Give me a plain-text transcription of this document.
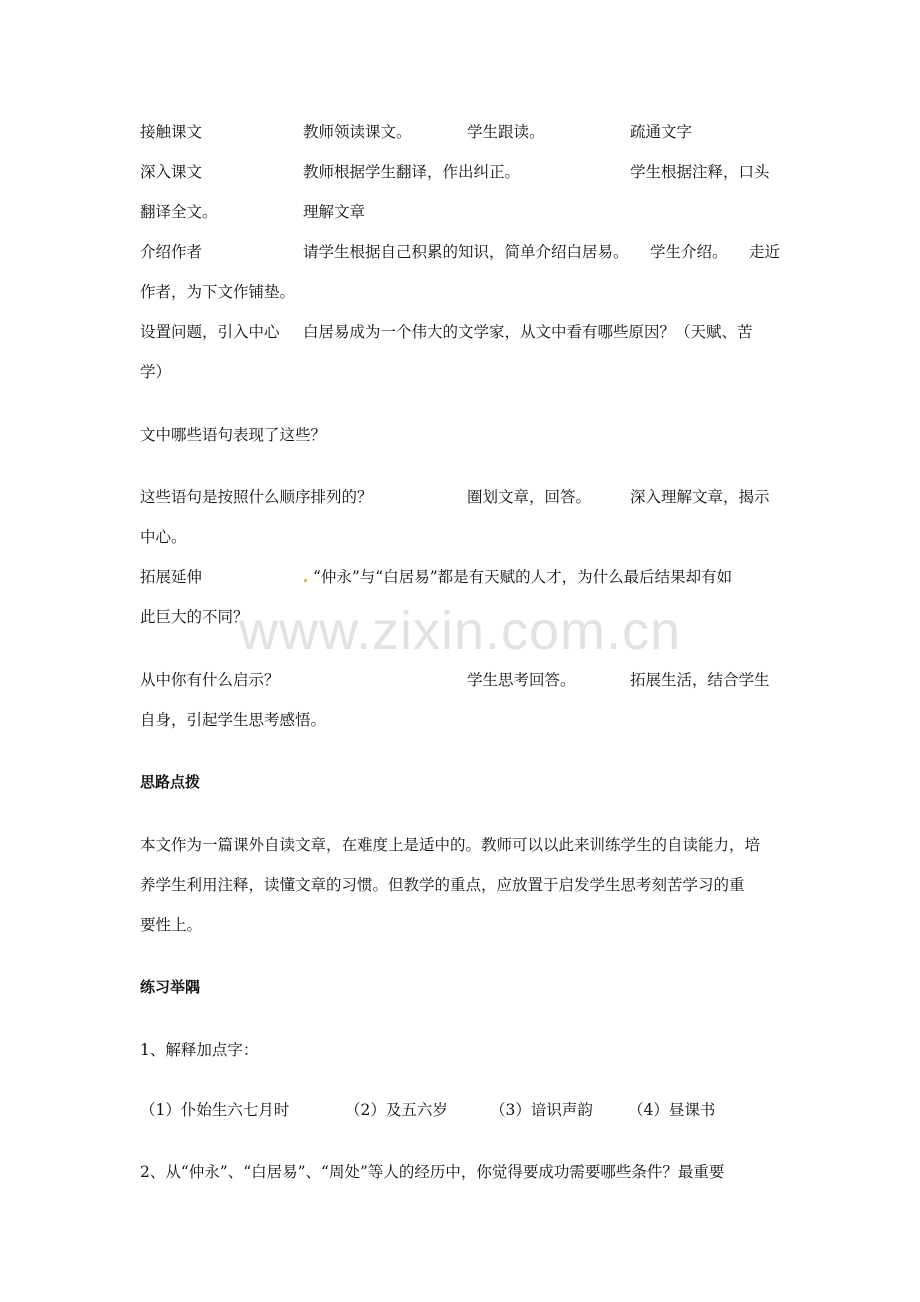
www.zixin.com.cn
接触课文	教师领读课文。	学生跟读。	疏通文字
深入课文	教师根据学生翻译，作出纠正。	学生根据注释，口头
翻译全文。	理解文章
介绍作者	请学生根据自己积累的知识，简单介绍白居易。 学生介绍。 走近
作者，为下文作铺垫。
设置问题，引入中心 白居易成为一个伟大的文学家，从文中看有哪些原因？（天赋、苦
学）
文中哪些语句表现了这些？
这些语句是按照什么顺序排列的？	圈划文章，回答。	深入理解文章，揭示
中心。
拓展延伸	“仲永”与“白居易”都是有天赋的人才，为什么最后结果却有如
此巨大的不同？
从中你有什么启示？	学生思考回答。	拓展生活，结合学生
自身，引起学生思考感悟。
思路点拨
本文作为一篇课外自读文章，在难度上是适中的。教师可以以此来训练学生的自读能力，培
养学生利用注释，读懂文章的习惯。但教学的重点，应放置于启发学生思考刻苦学习的重
要性上。
练习举隅
1、解释加点字：
（1）仆始生六七月时	（2）及五六岁	（3）谙识声韵 （4）昼课书
2、从“仲永”、“白居易”、“周处”等人的经历中，你觉得要成功需要哪些条件？最重要
